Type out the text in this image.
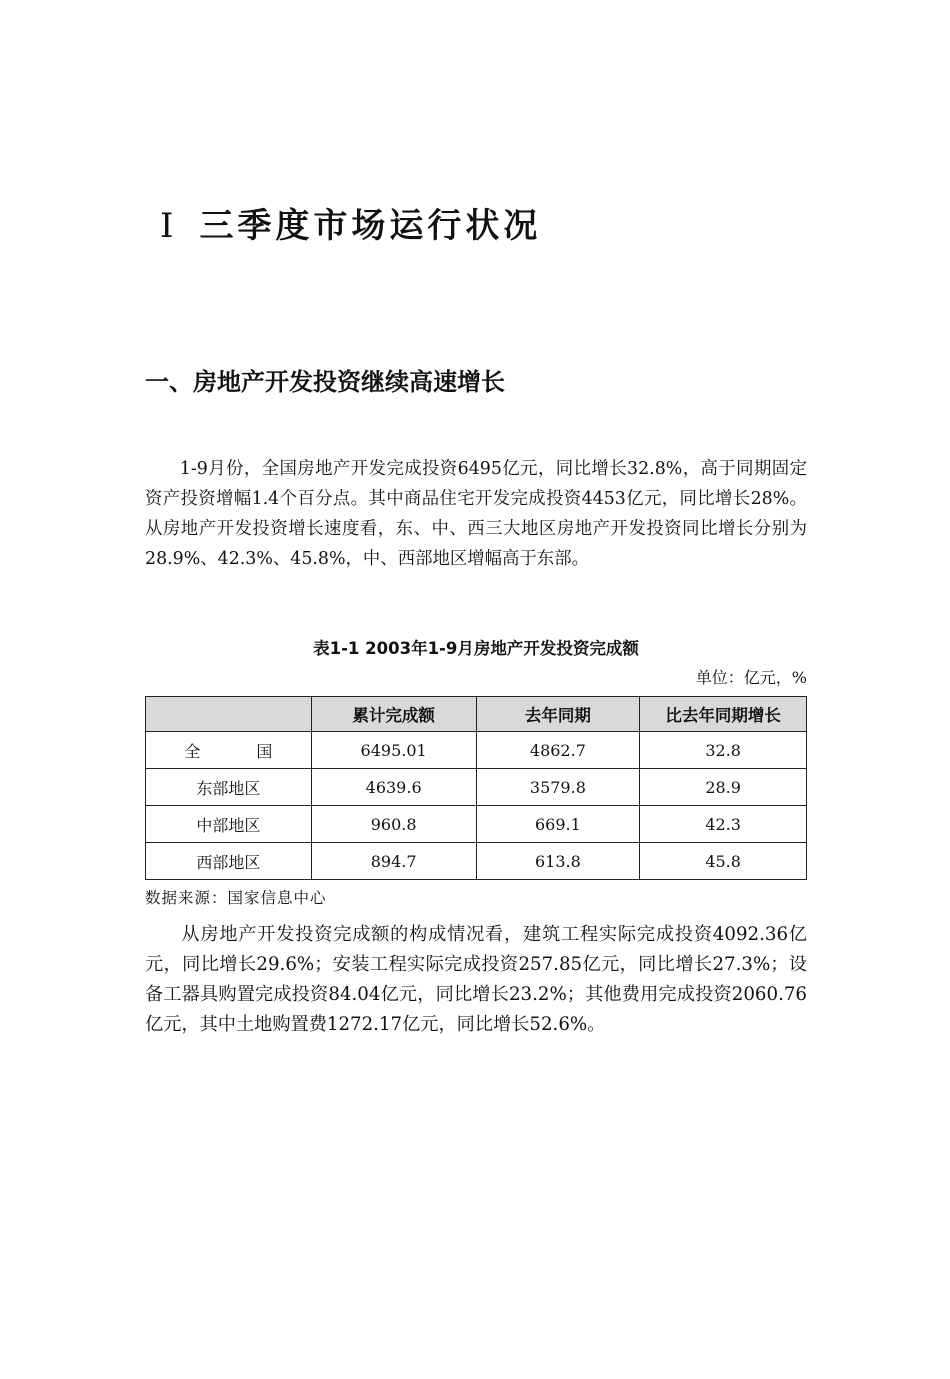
Ⅰ 三季度市场运行状况
一、房地产开发投资继续高速增长

1-9月份，全国房地产开发完成投资6495亿元，同比增长32.8%，高于同期固定资产投资增幅1.4个百分点。其中商品住宅开发完成投资4453亿元，同比增长28%。从房地产开发投资增长速度看，东、中、西三大地区房地产开发投资同比增长分别为28.9%、42.3%、45.8%，中、西部地区增幅高于东部。

表1-1 2003年1-9月房地产开发投资完成额
单位：亿元，%
	累计完成额	去年同期	比去年同期增长
全 国	6495.01	4862.7	32.8
东部地区	4639.6	3579.8	28.9
中部地区	960.8	669.1	42.3
西部地区	894.7	613.8	45.8
数据来源：国家信息中心

从房地产开发投资完成额的构成情况看，建筑工程实际完成投资4092.36亿元，同比增长29.6%；安装工程实际完成投资257.85亿元，同比增长27.3%；设备工器具购置完成投资84.04亿元，同比增长23.2%；其他费用完成投资2060.76亿元，其中土地购置费1272.17亿元，同比增长52.6%。
